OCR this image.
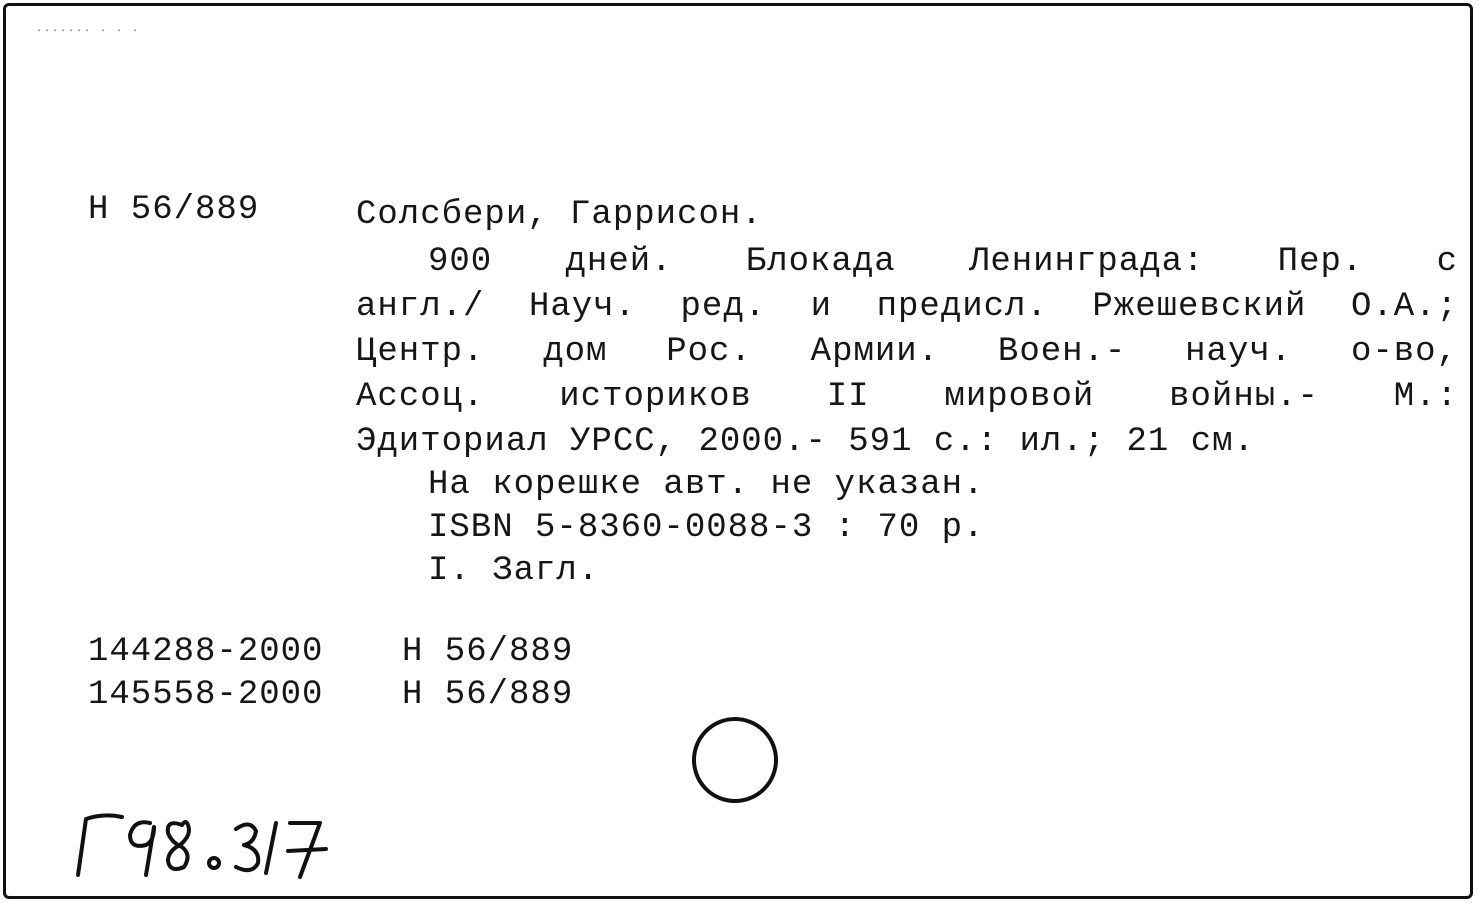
······· · · ·
Н 56/889	Солсбери, Гаррисон.
900 дней. Блокада Ленинграда: Пер. с
англ./ Науч. ред. и предисл. Ржешевский О.А.;
Центр. дом Рос. Армии. Воен.- науч. о-во,
Ассоц. историков II мировой войны.- М.:
Эдиториал УРСС, 2000.- 591 с.: ил.; 21 см.
На корешке авт. не указан.
ISBN 5-8360-0088-3 : 70 р.
I. Загл.
144288-2000 Н 56/889
145558-2000 Н 56/889
